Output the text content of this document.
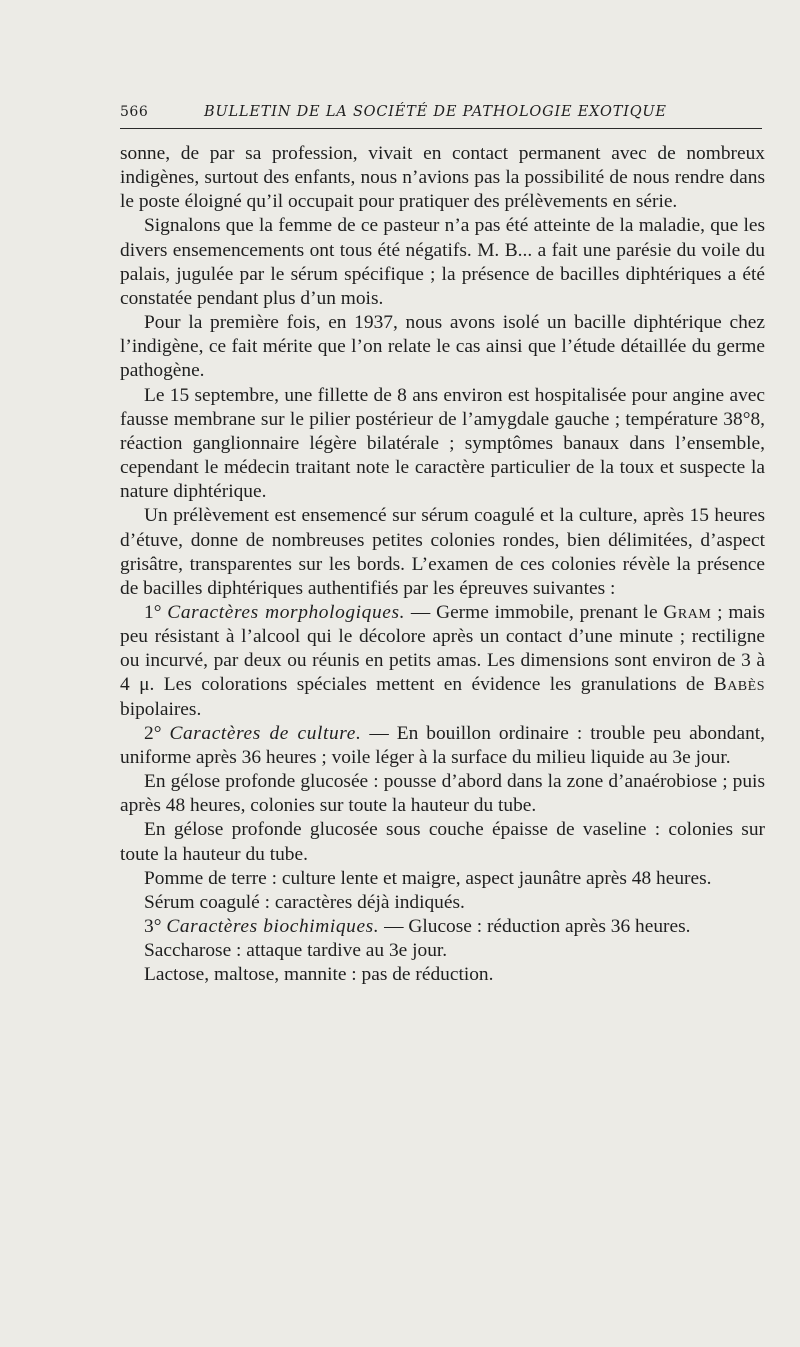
566	BULLETIN DE LA SOCIÉTÉ DE PATHOLOGIE EXOTIQUE

sonne, de par sa profession, vivait en contact permanent avec de nombreux indigènes, surtout des enfants, nous n’avions pas la possibilité de nous rendre dans le poste éloigné qu’il occupait pour pratiquer des prélèvements en série.

Signalons que la femme de ce pasteur n’a pas été atteinte de la maladie, que les divers ensemencements ont tous été négatifs. M. B... a fait une parésie du voile du palais, jugulée par le sérum spécifique ; la présence de bacilles diphtériques a été constatée pendant plus d’un mois.

Pour la première fois, en 1937, nous avons isolé un bacille diphtérique chez l’indigène, ce fait mérite que l’on relate le cas ainsi que l’étude détaillée du germe pathogène.

Le 15 septembre, une fillette de 8 ans environ est hospitalisée pour angine avec fausse membrane sur le pilier postérieur de l’amygdale gauche ; température 38°8, réaction ganglionnaire légère bilatérale ; symptômes banaux dans l’ensemble, cependant le médecin traitant note le caractère particulier de la toux et suspecte la nature diphtérique.

Un prélèvement est ensemencé sur sérum coagulé et la culture, après 15 heures d’étuve, donne de nombreuses petites colonies rondes, bien délimitées, d’aspect grisâtre, transparentes sur les bords. L’examen de ces colonies révèle la présence de bacilles diphtériques authentifiés par les épreuves suivantes :

1° Caractères morphologiques. — Germe immobile, prenant le Gram ; mais peu résistant à l’alcool qui le décolore après un contact d’une minute ; rectiligne ou incurvé, par deux ou réunis en petits amas. Les dimensions sont environ de 3 à 4 μ. Les colorations spéciales mettent en évidence les granulations de Babès bipolaires.

2° Caractères de culture. — En bouillon ordinaire : trouble peu abondant, uniforme après 36 heures ; voile léger à la surface du milieu liquide au 3e jour.

En gélose profonde glucosée : pousse d’abord dans la zone d’anaérobiose ; puis après 48 heures, colonies sur toute la hauteur du tube.

En gélose profonde glucosée sous couche épaisse de vaseline : colonies sur toute la hauteur du tube.

Pomme de terre : culture lente et maigre, aspect jaunâtre après 48 heures.

Sérum coagulé : caractères déjà indiqués.

3° Caractères biochimiques. — Glucose : réduction après 36 heures.

Saccharose : attaque tardive au 3e jour.

Lactose, maltose, mannite : pas de réduction.
